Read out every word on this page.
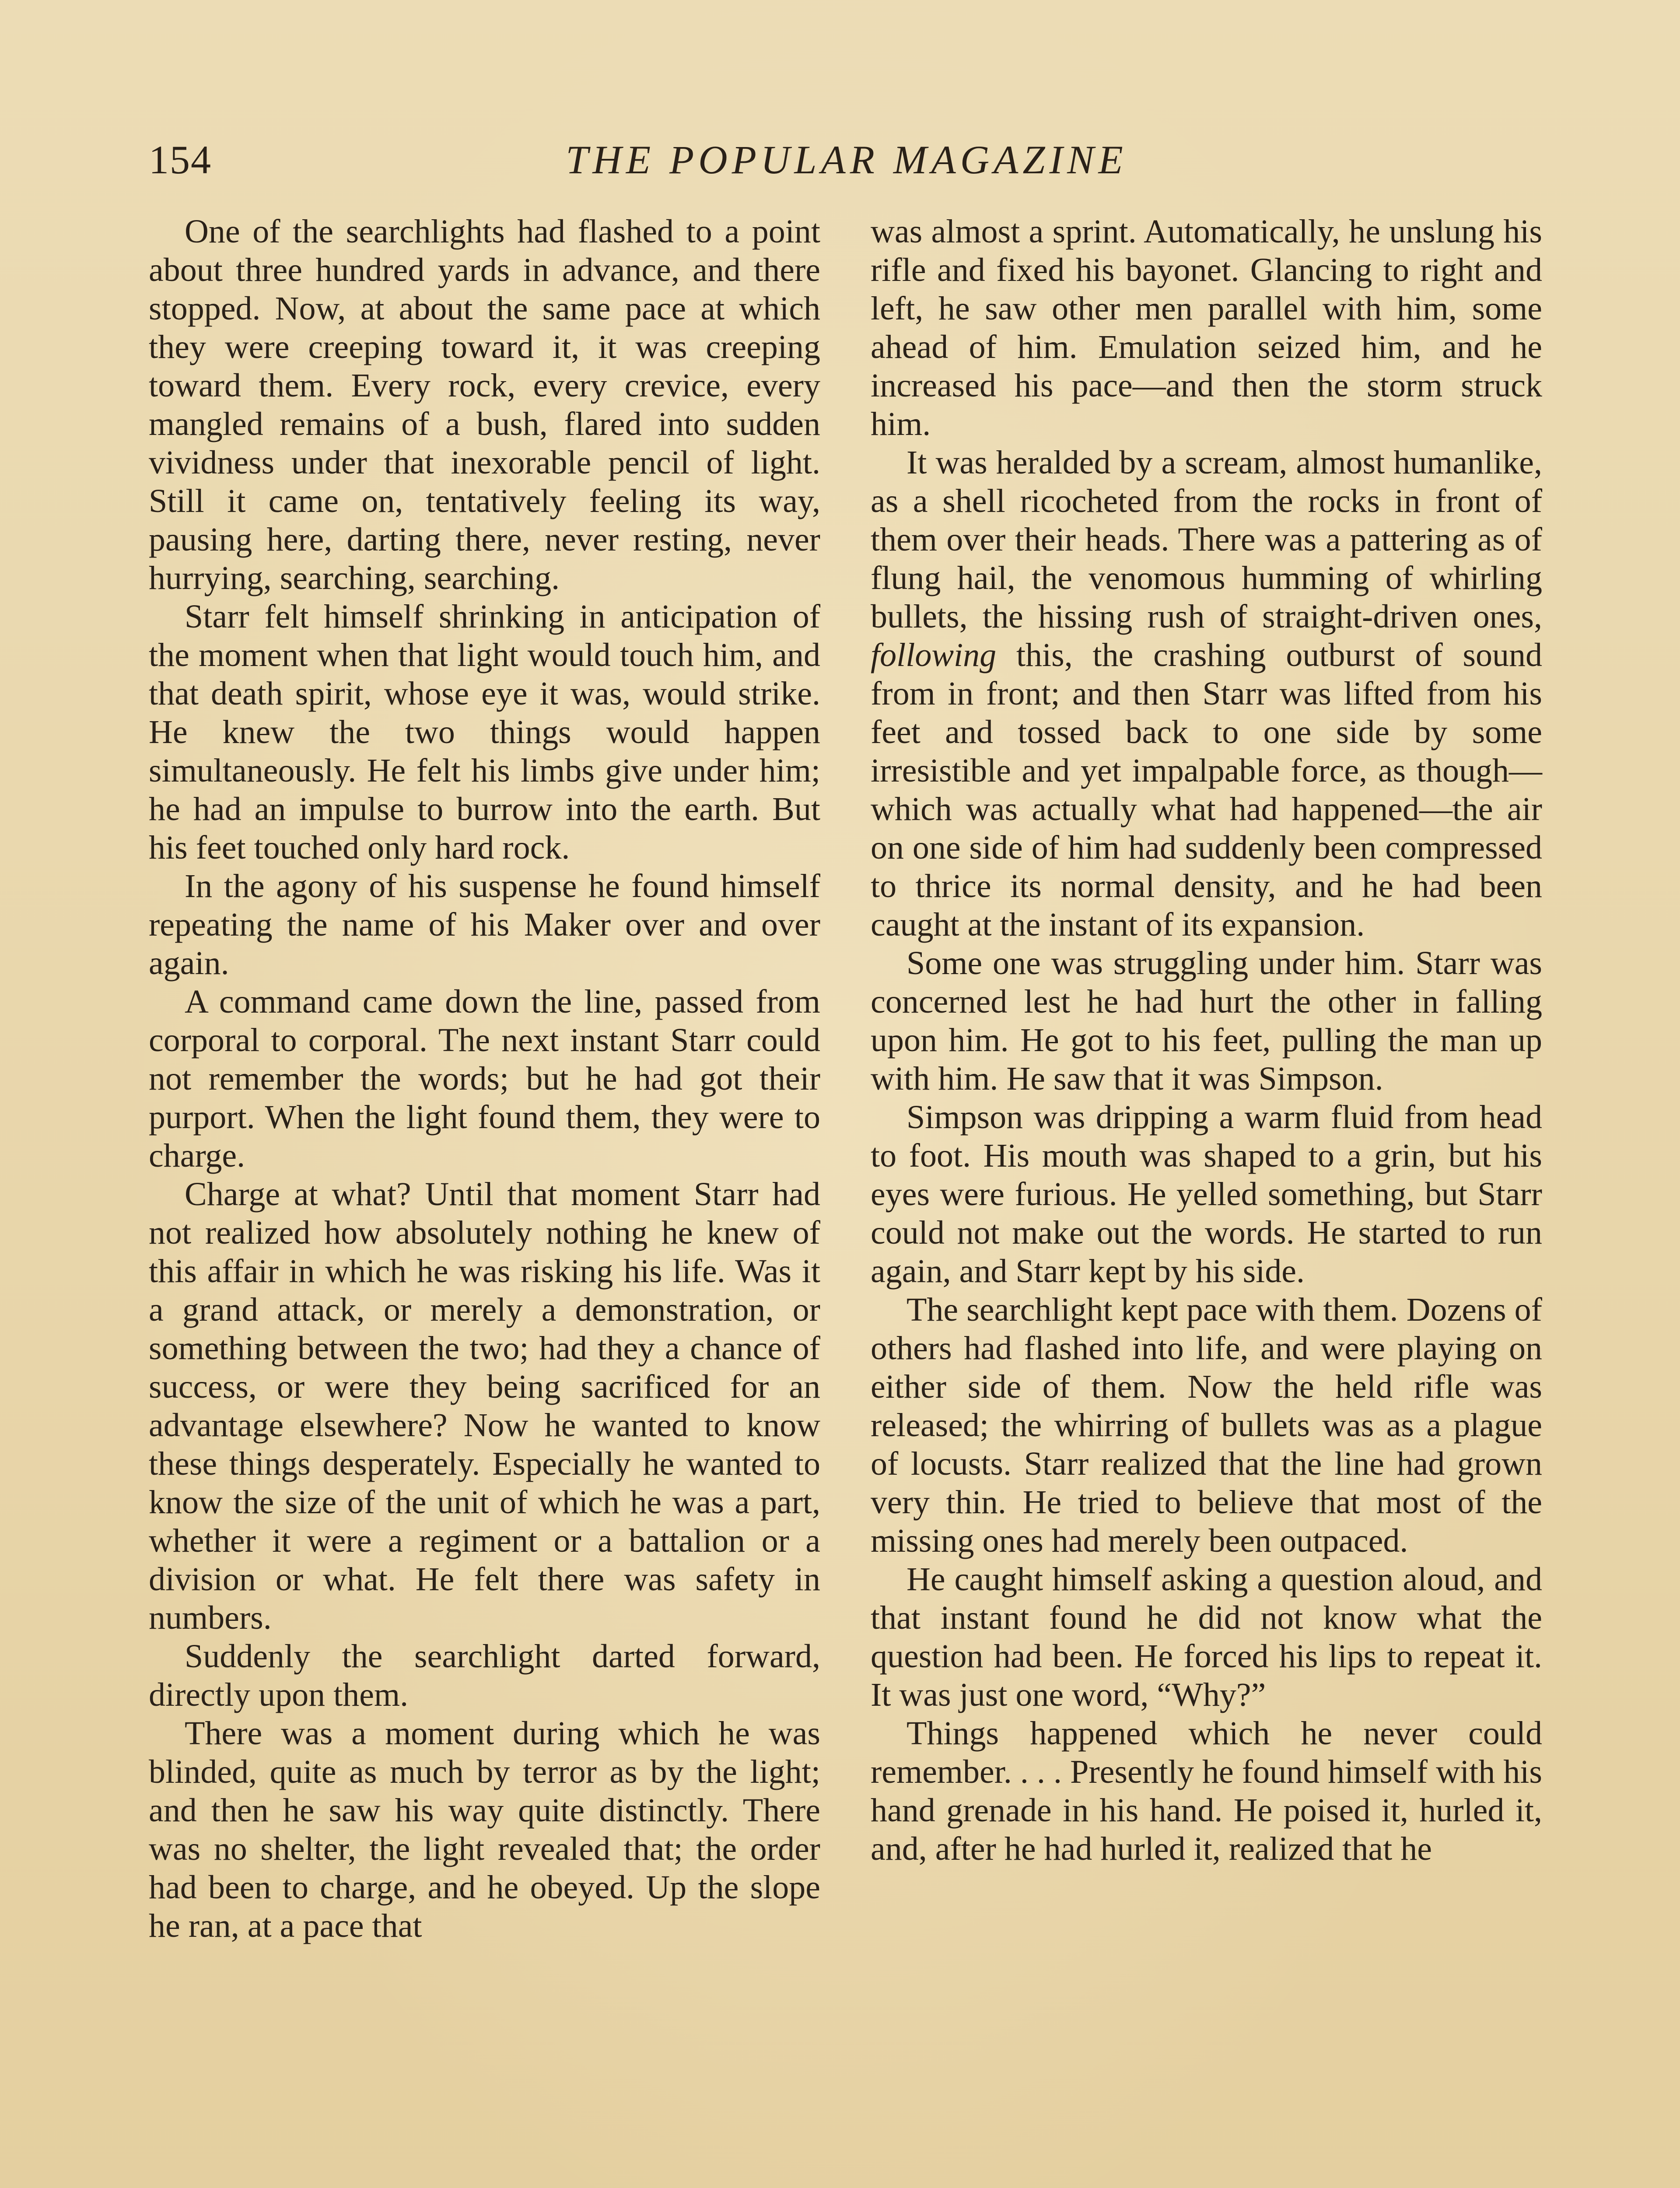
154	THE POPULAR MAGAZINE

One of the searchlights had flashed to a point about three hundred yards in advance, and there stopped. Now, at about the same pace at which they were creeping toward it, it was creeping toward them. Every rock, every crevice, every mangled remains of a bush, flared into sudden vividness under that inexorable pencil of light. Still it came on, tentatively feeling its way, pausing here, darting there, never resting, never hurrying, searching, searching.

Starr felt himself shrinking in anticipation of the moment when that light would touch him, and that death spirit, whose eye it was, would strike. He knew the two things would happen simultaneously. He felt his limbs give under him; he had an impulse to burrow into the earth. But his feet touched only hard rock.

In the agony of his suspense he found himself repeating the name of his Maker over and over again.

A command came down the line, passed from corporal to corporal. The next instant Starr could not remember the words; but he had got their purport. When the light found them, they were to charge.

Charge at what? Until that moment Starr had not realized how absolutely nothing he knew of this affair in which he was risking his life. Was it a grand attack, or merely a demonstration, or something between the two; had they a chance of success, or were they being sacrificed for an advantage elsewhere? Now he wanted to know these things desperately. Especially he wanted to know the size of the unit of which he was a part, whether it were a regiment or a battalion or a division or what. He felt there was safety in numbers.

Suddenly the searchlight darted forward, directly upon them.

There was a moment during which he was blinded, quite as much by terror as by the light; and then he saw his way quite distinctly. There was no shelter, the light revealed that; the order had been to charge, and he obeyed. Up the slope he ran, at a pace that

was almost a sprint. Automatically, he unslung his rifle and fixed his bayonet. Glancing to right and left, he saw other men parallel with him, some ahead of him. Emulation seized him, and he increased his pace—and then the storm struck him.

It was heralded by a scream, almost humanlike, as a shell ricocheted from the rocks in front of them over their heads. There was a pattering as of flung hail, the venomous humming of whirling bullets, the hissing rush of straight-driven ones, following this, the crashing outburst of sound from in front; and then Starr was lifted from his feet and tossed back to one side by some irresistible and yet impalpable force, as though—which was actually what had happened—the air on one side of him had suddenly been compressed to thrice its normal density, and he had been caught at the instant of its expansion.

Some one was struggling under him. Starr was concerned lest he had hurt the other in falling upon him. He got to his feet, pulling the man up with him. He saw that it was Simpson.

Simpson was dripping a warm fluid from head to foot. His mouth was shaped to a grin, but his eyes were furious. He yelled something, but Starr could not make out the words. He started to run again, and Starr kept by his side.

The searchlight kept pace with them. Dozens of others had flashed into life, and were playing on either side of them. Now the held rifle was released; the whirring of bullets was as a plague of locusts. Starr realized that the line had grown very thin. He tried to believe that most of the missing ones had merely been outpaced.

He caught himself asking a question aloud, and that instant found he did not know what the question had been. He forced his lips to repeat it. It was just one word, “Why?”

Things happened which he never could remember. . . . Presently he found himself with his hand grenade in his hand. He poised it, hurled it, and, after he had hurled it, realized that he
